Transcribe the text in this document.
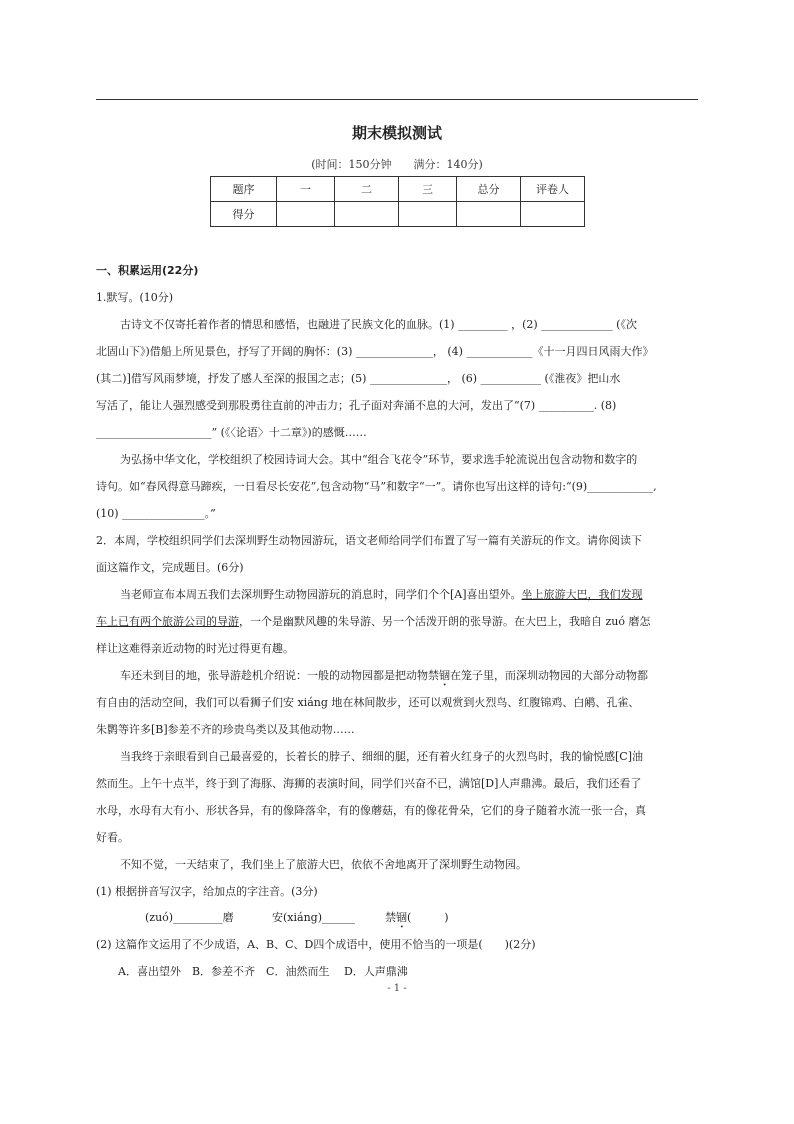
期末模拟测试
(时间：150分钟　　满分：140分)
题序	一	二	三	总分	评卷人
得分					
一、积累运用(22分)
1.默写。(10分)
古诗文不仅寄托着作者的情思和感悟，也融进了民族文化的血脉。(1) _________ ，(2) _____________ (《次
北固山下》)借船上所见景色，抒写了开阔的胸怀：(3) ______________， (4) ____________《十一月四日风雨大作》
(其二)]借写风雨梦境，抒发了感人至深的报国之志；(5) ______________， (6) ___________ (《淮夜》把山水
写活了，能让人强烈感受到那股勇往直前的冲击力；孔子面对奔涌不息的大河，发出了“(7) __________. (8)
_____________________” (《〈论语〉十二章》)的感慨……
为弘扬中华文化，学校组织了校园诗词大会。其中“组合飞花令”环节，要求选手轮流说出包含动物和数字的
诗句。如“春风得意马蹄疾，一日看尽长安花”,包含动物“马”和数字“一”。请你也写出这样的诗句:“(9)____________,
(10) _______________。”
2．本周，学校组织同学们去深圳野生动物园游玩，语文老师给同学们布置了写一篇有关游玩的作文。请你阅读下
面这篇作文，完成题目。(6分)
当老师宣布本周五我们去深圳野生动物园游玩的消息时，同学们个个[A]喜出望外。坐上旅游大巴，我们发现
车上已有两个旅游公司的导游，一个是幽默风趣的朱导游、另一个活泼开朗的张导游。在大巴上，我暗自 zuó 磨怎
样让这难得亲近动物的时光过得更有趣。
车还未到目的地，张导游趁机介绍说：一般的动物园都是把动物禁锢在笼子里，而深圳动物园的大部分动物都
有自由的活动空间，我们可以看狮子们安 xiáng 地在林间散步，还可以观赏到火烈鸟、红腹锦鸡、白鹇、孔雀、
朱鹮等许多[B]参差不齐的珍贵鸟类以及其他动物……
当我终于亲眼看到自己最喜爱的，长着长的脖子、细细的腿，还有着火红身子的火烈鸟时，我的愉悦感[C]油
然而生。上午十点半，终于到了海豚、海狮的表演时间，同学们兴奋不已，满馆[D]人声鼎沸。最后，我们还看了
水母，水母有大有小、形状各异，有的像降落伞，有的像蘑菇，有的像花骨朵，它们的身子随着水流一张一合，真
好看。
不知不觉，一天结束了，我们坐上了旅游大巴，依依不舍地离开了深圳野生动物园。
(1) 根据拼音写汉字，给加点的字注音。(3分)
(zuó)_________磨	安(xiáng)______	禁锢(　　　)
(2) 这篇作文运用了不少成语，A、B、C、D四个成语中，使用不恰当的一项是(　　)(2分)
A．喜出望外　B．参差不齐　C．油然而生　 D．人声鼎沸
- 1 -
